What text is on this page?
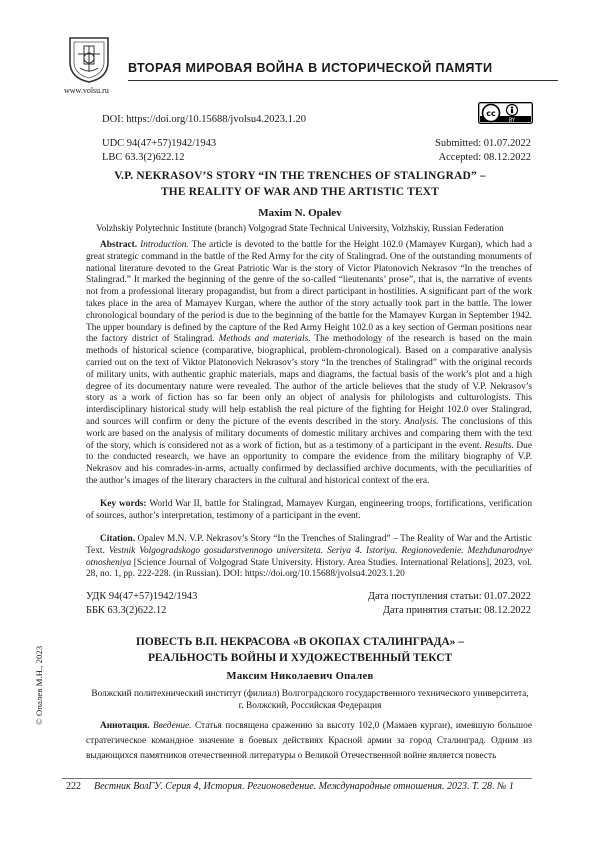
www.volsu.ru
ВТОРАЯ МИРОВАЯ ВОЙНА В ИСТОРИЧЕСКОЙ ПАМЯТИ
DOI: https://doi.org/10.15688/jvolsu4.2023.1.20
cc
BY
UDC 94(47+57)1942/1943
LBC 63.3(2)622.12
Submitted: 01.07.2022
Accepted: 08.12.2022
V.P. NEKRASOV’S STORY “IN THE TRENCHES OF STALINGRAD” –
THE REALITY OF WAR AND THE ARTISTIC TEXT
Maxim N. Opalev
Volzhskiy Polytechnic Institute (branch) Volgograd State Technical University, Volzhskiy, Russian Federation

Abstract. Introduction. The article is devoted to the battle for the Height 102.0 (Mamayev Kurgan), which had a great strategic command in the battle of the Red Army for the city of Stalingrad. One of the outstanding monuments of national literature devoted to the Great Patriotic War is the story of Victor Platonovich Nekrasov “In the trenches of Stalingrad.” It marked the beginning of the genre of the so-called “lieutenants’ prose”, that is, the narrative of events not from a professional literary propagandist, but from a direct participant in hostilities. A significant part of the work takes place in the area of Mamayev Kurgan, where the author of the story actually took part in the battle. The lower chronological boundary of the period is due to the beginning of the battle for the Mamayev Kurgan in September 1942. The upper boundary is defined by the capture of the Red Army Height 102.0 as a key section of German positions near the factory district of Stalingrad. Methods and materials. The methodology of the research is based on the main methods of historical science (comparative, biographical, problem-chronological). Based on a comparative analysis carried out on the text of Viktor Platonovich Nekrasov’s story “In the trenches of Stalingrad” with the original records of military units, with authentic graphic materials, maps and diagrams, the factual basis of the work’s plot and a high degree of its documentary nature were revealed. The author of the article believes that the study of V.P. Nekrasov’s story as a work of fiction has so far been only an object of analysis for philologists and culturologists. This interdisciplinary historical study will help establish the real picture of the fighting for Height 102.0 over Stalingrad, and sources will confirm or deny the picture of the events described in the story. Analysis. The conclusions of this work are based on the analysis of military documents of domestic military archives and comparing them with the text of the story, which is considered not as a work of fiction, but as a testimony of a participant in the event. Results. Due to the conducted research, we have an opportunity to compare the evidence from the military biography of V.P. Nekrasov and his comrades-in-arms, actually confirmed by declassified archive documents, with the peculiarities of the author’s images of the literary characters in the cultural and historical context of the era.

Key words: World War II, battle for Stalingrad, Mamayev Kurgan, engineering troops, fortifications, verification of sources, author’s interpretation, testimony of a participant in the event.

Citation. Opalev M.N. V.P. Nekrasov’s Story “In the Trenches of Stalingrad” – The Reality of War and the Artistic Text. Vestnik Volgogradskogo gosudarstvennogo universiteta. Seriya 4. Istoriya. Regionovedenie. Mezhdunarodnye otnosheniya [Science Journal of Volgograd State University. History. Area Studies. International Relations], 2023, vol. 28, no. 1, pp. 222-228. (in Russian). DOI: https://doi.org/10.15688/jvolsu4.2023.1.20

УДК 94(47+57)1942/1943
ББК 63.3(2)622.12
Дата поступления статьи: 01.07.2022
Дата принятия статьи: 08.12.2022
ПОВЕСТЬ В.П. НЕКРАСОВА «В ОКОПАХ СТАЛИНГРАДА» –
РЕАЛЬНОСТЬ ВОЙНЫ И ХУДОЖЕСТВЕННЫЙ ТЕКСТ
Максим Николаевич Опалев
Волжский политехнический институт (филиал) Волгоградского государственного технического университета,
г. Волжский, Российская Федерация

Аннотация. Введение. Статья посвящена сражению за высоту 102,0 (Мамаев курган), имевшую большое стратегическое командное значение в боевых действиях Красной армии за город Сталинград. Одним из выдающихся памятников отечественной литературы о Великой Отечественной войне является повесть

© Опалев М.Н., 2023
222 Вестник ВолГУ. Серия 4, История. Регионоведение. Международные отношения. 2023. Т. 28. № 1
